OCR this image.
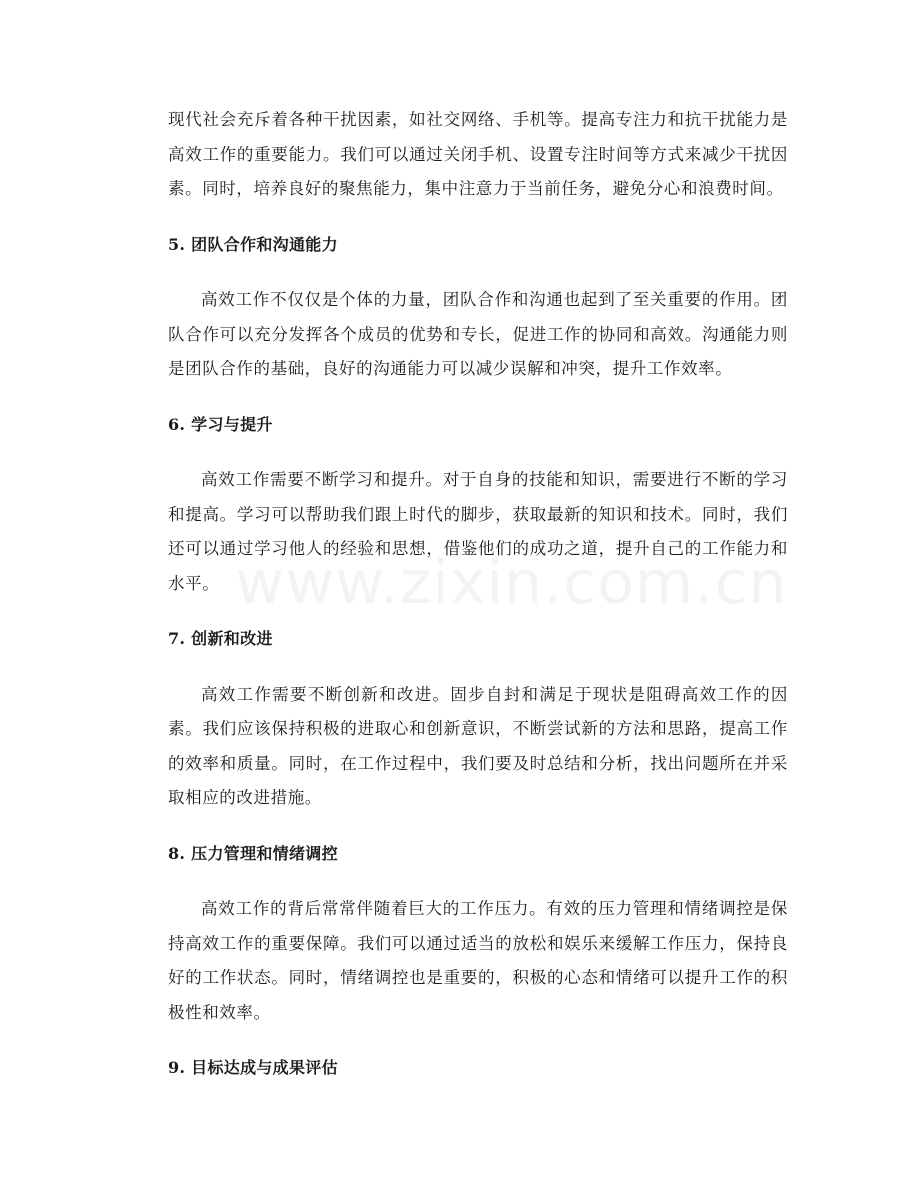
现代社会充斥着各种干扰因素，如社交网络、手机等。提高专注力和抗干扰能力是高效工作的重要能力。我们可以通过关闭手机、设置专注时间等方式来减少干扰因素。同时，培养良好的聚焦能力，集中注意力于当前任务，避免分心和浪费时间。

5. 团队合作和沟通能力

高效工作不仅仅是个体的力量，团队合作和沟通也起到了至关重要的作用。团队合作可以充分发挥各个成员的优势和专长，促进工作的协同和高效。沟通能力则是团队合作的基础，良好的沟通能力可以减少误解和冲突，提升工作效率。

6. 学习与提升

高效工作需要不断学习和提升。对于自身的技能和知识，需要进行不断的学习和提高。学习可以帮助我们跟上时代的脚步，获取最新的知识和技术。同时，我们还可以通过学习他人的经验和思想，借鉴他们的成功之道，提升自己的工作能力和水平。

7. 创新和改进

高效工作需要不断创新和改进。固步自封和满足于现状是阻碍高效工作的因素。我们应该保持积极的进取心和创新意识，不断尝试新的方法和思路，提高工作的效率和质量。同时，在工作过程中，我们要及时总结和分析，找出问题所在并采取相应的改进措施。

8. 压力管理和情绪调控

高效工作的背后常常伴随着巨大的工作压力。有效的压力管理和情绪调控是保持高效工作的重要保障。我们可以通过适当的放松和娱乐来缓解工作压力，保持良好的工作状态。同时，情绪调控也是重要的，积极的心态和情绪可以提升工作的积极性和效率。

9. 目标达成与成果评估
